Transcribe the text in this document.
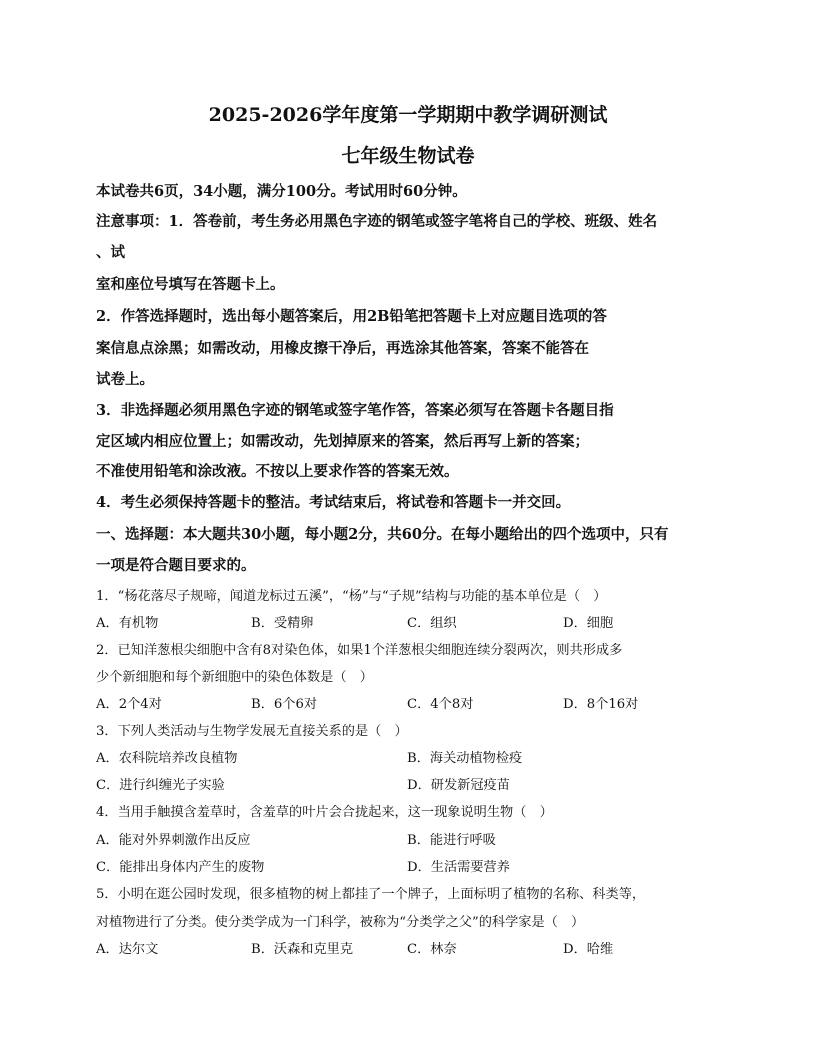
2025-2026学年度第一学期期中教学调研测试
七年级生物试卷
本试卷共6页，34小题，满分100分。考试用时60分钟。
注意事项：1．答卷前，考生务必用黑色字迹的钢笔或签字笔将自己的学校、班级、姓名
、试
室和座位号填写在答题卡上。
2．作答选择题时，选出每小题答案后，用2B铅笔把答题卡上对应题目选项的答
案信息点涂黑；如需改动，用橡皮擦干净后，再选涂其他答案，答案不能答在
试卷上。
3．非选择题必须用黑色字迹的钢笔或签字笔作答，答案必须写在答题卡各题目指
定区域内相应位置上；如需改动，先划掉原来的答案，然后再写上新的答案；
不准使用铅笔和涂改液。不按以上要求作答的答案无效。
4．考生必须保持答题卡的整洁。考试结束后，将试卷和答题卡一并交回。
一、选择题：本大题共30小题，每小题2分，共60分。在每小题给出的四个选项中，只有
一项是符合题目要求的。
1．“杨花落尽子规啼，闻道龙标过五溪”，“杨”与“子规”结构与功能的基本单位是（　）
A．有机物	B．受精卵	C．组织	D．细胞
2．已知洋葱根尖细胞中含有8对染色体，如果1个洋葱根尖细胞连续分裂两次，则共形成多
少个新细胞和每个新细胞中的染色体数是（　）
A．2个4对	B．6个6对	C．4个8对	D．8个16对
3．下列人类活动与生物学发展无直接关系的是（　）
A．农科院培养改良植物	B．海关动植物检疫
C．进行纠缠光子实验	D．研发新冠疫苗
4．当用手触摸含羞草时，含羞草的叶片会合拢起来，这一现象说明生物（　）
A．能对外界刺激作出反应	B．能进行呼吸
C．能排出身体内产生的废物	D．生活需要营养
5．小明在逛公园时发现，很多植物的树上都挂了一个牌子，上面标明了植物的名称、科类等，
对植物进行了分类。使分类学成为一门科学，被称为“分类学之父”的科学家是（　）
A．达尔文	B．沃森和克里克	C．林奈	D．哈维
